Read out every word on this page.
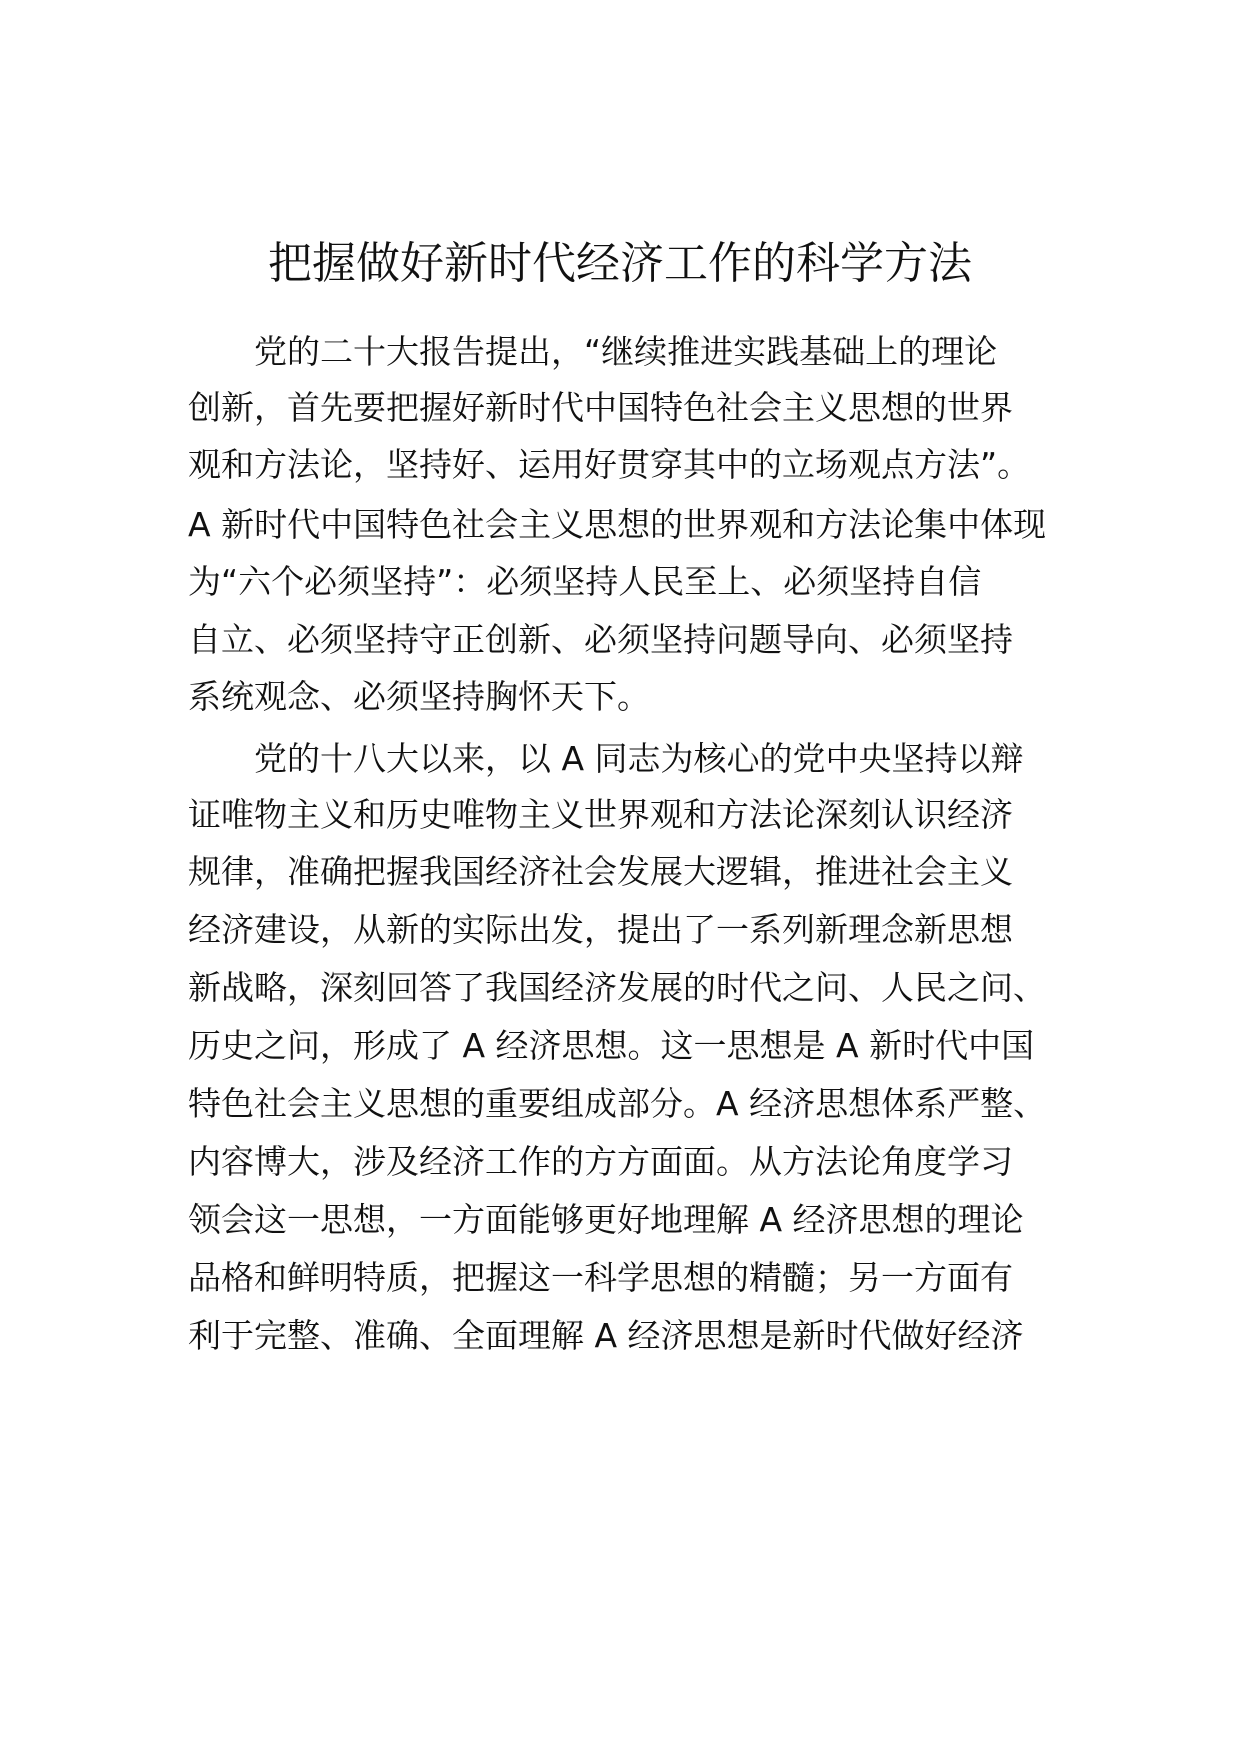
把握做好新时代经济工作的科学方法

党的二十大报告提出，“继续推进实践基础上的理论

创新，首先要把握好新时代中国特色社会主义思想的世界

观和方法论，坚持好、运用好贯穿其中的立场观点方法”。

A 新时代中国特色社会主义思想的世界观和方法论集中体现

为“六个必须坚持”：必须坚持人民至上、必须坚持自信

自立、必须坚持守正创新、必须坚持问题导向、必须坚持

系统观念、必须坚持胸怀天下。

党的十八大以来，以 A 同志为核心的党中央坚持以辩

证唯物主义和历史唯物主义世界观和方法论深刻认识经济

规律，准确把握我国经济社会发展大逻辑，推进社会主义

经济建设，从新的实际出发，提出了一系列新理念新思想

新战略，深刻回答了我国经济发展的时代之问、人民之问、

历史之问，形成了 A 经济思想。这一思想是 A 新时代中国

特色社会主义思想的重要组成部分。A 经济思想体系严整、

内容博大，涉及经济工作的方方面面。从方法论角度学习

领会这一思想，一方面能够更好地理解 A 经济思想的理论

品格和鲜明特质，把握这一科学思想的精髓；另一方面有

利于完整、准确、全面理解 A 经济思想是新时代做好经济
